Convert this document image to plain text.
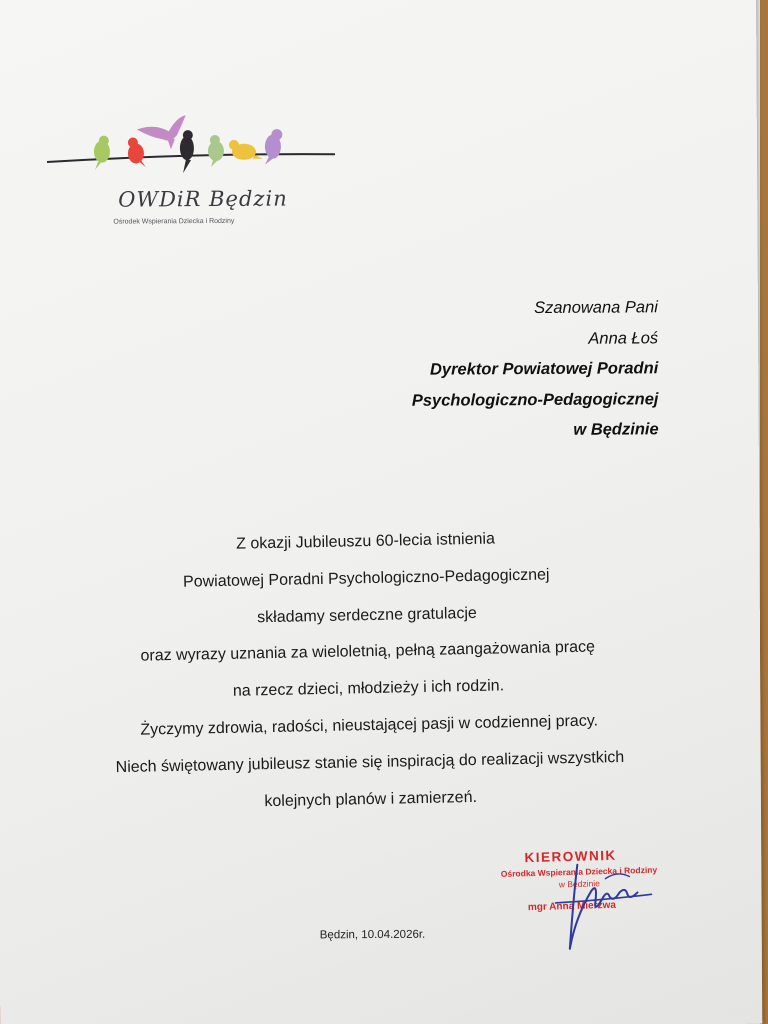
OWDiR Będzin
Ośrodek Wspierania Dziecka i Rodziny
Szanowana Pani
Anna Łoś
Dyrektor Powiatowej Poradni
Psychologiczno-Pedagogicznej
w Będzinie
Z okazji Jubileuszu 60-lecia istnienia
Powiatowej Poradni Psychologiczno-Pedagogicznej
składamy serdeczne gratulacje
oraz wyrazy uznania za wieloletnią, pełną zaangażowania pracę
na rzecz dzieci, młodzieży i ich rodzin.
Życzymy zdrowia, radości, nieustającej pasji w codziennej pracy.
Niech świętowany jubileusz stanie się inspiracją do realizacji wszystkich
kolejnych planów i zamierzeń.
KIEROWNIK
Ośrodka Wspierania Dziecka i Rodziny
w Będzinie
mgr Anna Mierzwa
Będzin, 10.04.2026r.
